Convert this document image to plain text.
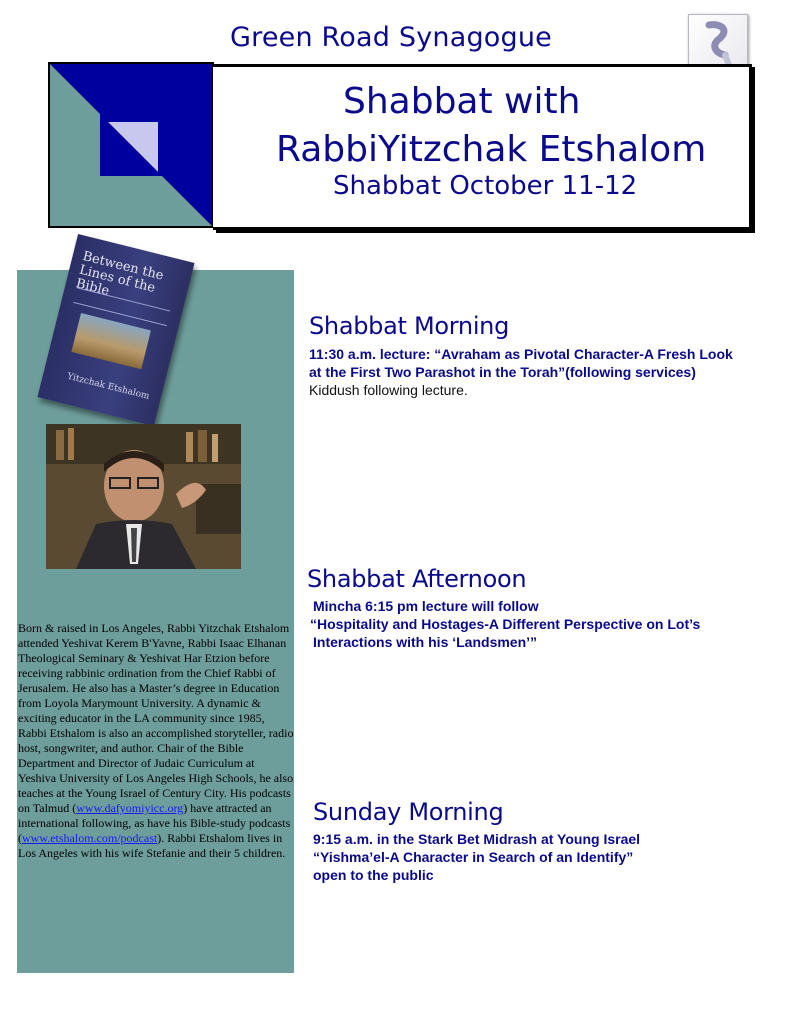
Green Road Synagogue
Shabbat with
RabbiYitzchak Etshalom
Shabbat October 11-12
Between the Lines of the Bible
Yitzchak Etshalom
Born & raised in Los Angeles, Rabbi Yitzchak Etshalom attended Yeshivat Kerem B'Yavne, Rabbi Isaac Elhanan Theological Seminary & Yeshivat Har Etzion before receiving rabbinic ordination from the Chief Rabbi of Jerusalem. He also has a Master’s degree in Education from Loyola Marymount University. A dynamic & exciting educator in the LA community since 1985, Rabbi Etshalom is also an accomplished storyteller, radio host, songwriter, and author. Chair of the Bible Department and Director of Judaic Curriculum at Yeshiva University of Los Angeles High Schools, he also teaches at the Young Israel of Century City. His podcasts on Talmud (www.dafyomiyicc.org) have attracted an international following, as have his Bible-study podcasts (www.etshalom.com/podcast). Rabbi Etshalom lives in Los Angeles with his wife Stefanie and their 5 children.
Shabbat Morning
11:30 a.m. lecture: “Avraham as Pivotal Character-A Fresh Look
at the First Two Parashot in the Torah”(following services)
Kiddush following lecture.
Shabbat Afternoon
Mincha 6:15 pm lecture will follow
“Hospitality and Hostages-A Different Perspective on Lot’s
Interactions with his ‘Landsmen’”
Sunday Morning
9:15 a.m. in the Stark Bet Midrash at Young Israel
“Yishma’el-A Character in Search of an Identify”
open to the public
